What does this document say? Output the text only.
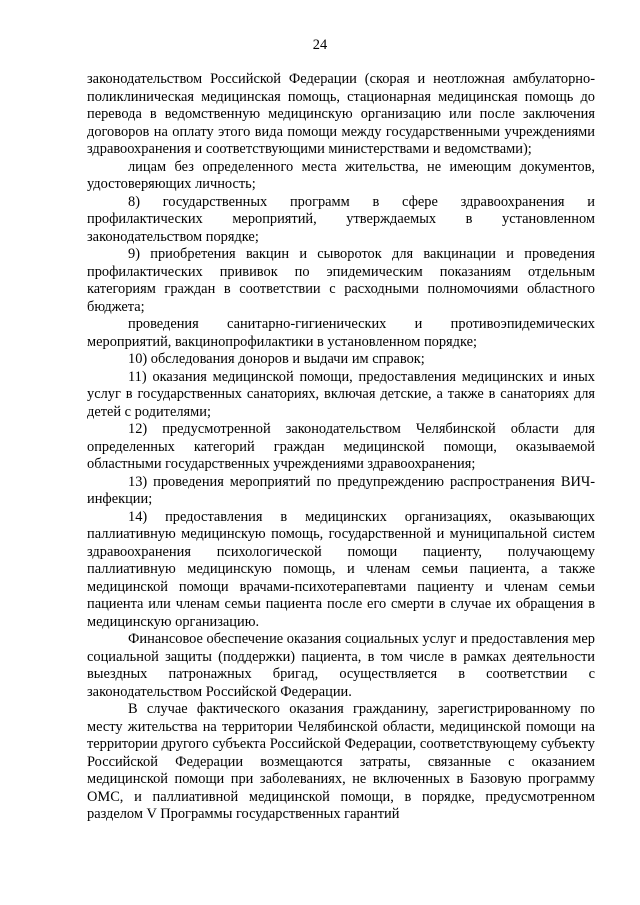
24

законодательством Российской Федерации (скорая и неотложная амбулаторно-поликлиническая медицинская помощь, стационарная медицинская помощь до перевода в ведомственную медицинскую организацию или после заключения договоров на оплату этого вида помощи между государственными учреждениями здравоохранения и соответствующими министерствами и ведомствами);

лицам без определенного места жительства, не имеющим документов, удостоверяющих личность;

8) государственных программ в сфере здравоохранения и профилактических мероприятий, утверждаемых в установленном законодательством порядке;

9) приобретения вакцин и сывороток для вакцинации и проведения профилактических прививок по эпидемическим показаниям отдельным категориям граждан в соответствии с расходными полномочиями областного бюджета;

проведения санитарно-гигиенических и противоэпидемических мероприятий, вакцинопрофилактики в установленном порядке;

10) обследования доноров и выдачи им справок;

11) оказания медицинской помощи, предоставления медицинских и иных услуг в государственных санаториях, включая детские, а также в санаториях для детей с родителями;

12) предусмотренной законодательством Челябинской области для определенных категорий граждан медицинской помощи, оказываемой областными государственных учреждениями здравоохранения;

13) проведения мероприятий по предупреждению распространения ВИЧ-инфекции;

14) предоставления в медицинских организациях, оказывающих паллиативную медицинскую помощь, государственной и муниципальной систем здравоохранения психологической помощи пациенту, получающему паллиативную медицинскую помощь, и членам семьи пациента, а также медицинской помощи врачами-психотерапевтами пациенту и членам семьи пациента или членам семьи пациента после его смерти в случае их обращения в медицинскую организацию.

Финансовое обеспечение оказания социальных услуг и предоставления мер социальной защиты (поддержки) пациента, в том числе в рамках деятельности выездных патронажных бригад, осуществляется в соответствии с законодательством Российской Федерации.

В случае фактического оказания гражданину, зарегистрированному по месту жительства на территории Челябинской области, медицинской помощи на территории другого субъекта Российской Федерации, соответствующему субъекту Российской Федерации возмещаются затраты, связанные с оказанием медицинской помощи при заболеваниях, не включенных в Базовую программу ОМС, и паллиативной медицинской помощи, в порядке, предусмотренном разделом V Программы государственных гарантий
